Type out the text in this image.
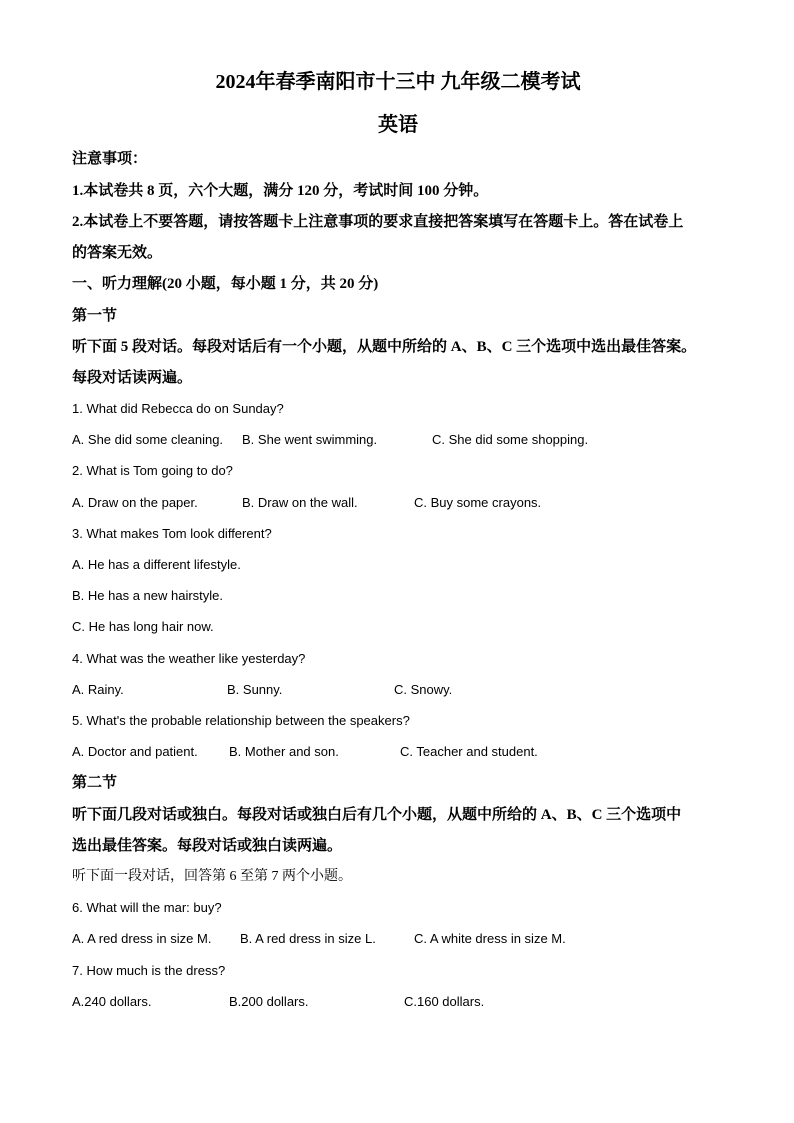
2024年春季南阳市十三中 九年级二模考试
英语
注意事项：
1.本试卷共 8 页，六个大题，满分 120 分，考试时间 100 分钟。
2.本试卷上不要答题，请按答题卡上注意事项的要求直接把答案填写在答题卡上。答在试卷上
的答案无效。
一、听力理解(20 小题，每小题 1 分，共 20 分)
第一节
听下面 5 段对话。每段对话后有一个小题，从题中所给的 A、B、C 三个选项中选出最佳答案。
每段对话读两遍。
1. What did Rebecca do on Sunday?
A. She did some cleaning. B. She went swimming.	C. She did some shopping.
2. What is Tom going to do?
A. Draw on the paper.	B. Draw on the wall.	C. Buy some crayons.
3. What makes Tom look different?
A. He has a different lifestyle.
B. He has a new hairstyle.
C. He has long hair now.
4. What was the weather like yesterday?
A. Rainy.	B. Sunny.	C. Snowy.
5. What's the probable relationship between the speakers?
A. Doctor and patient. B. Mother and son.	C. Teacher and student.
第二节
听下面几段对话或独白。每段对话或独白后有几个小题，从题中所给的 A、B、C 三个选项中
选出最佳答案。每段对话或独白读两遍。
听下面一段对话，回答第 6 至第 7 两个小题。
6. What will the mar: buy?
A. A red dress in size M. B. A red dress in size L.	C. A white dress in size M.
7. How much is the dress?
A.240 dollars.	B.200 dollars.	C.160 dollars.
